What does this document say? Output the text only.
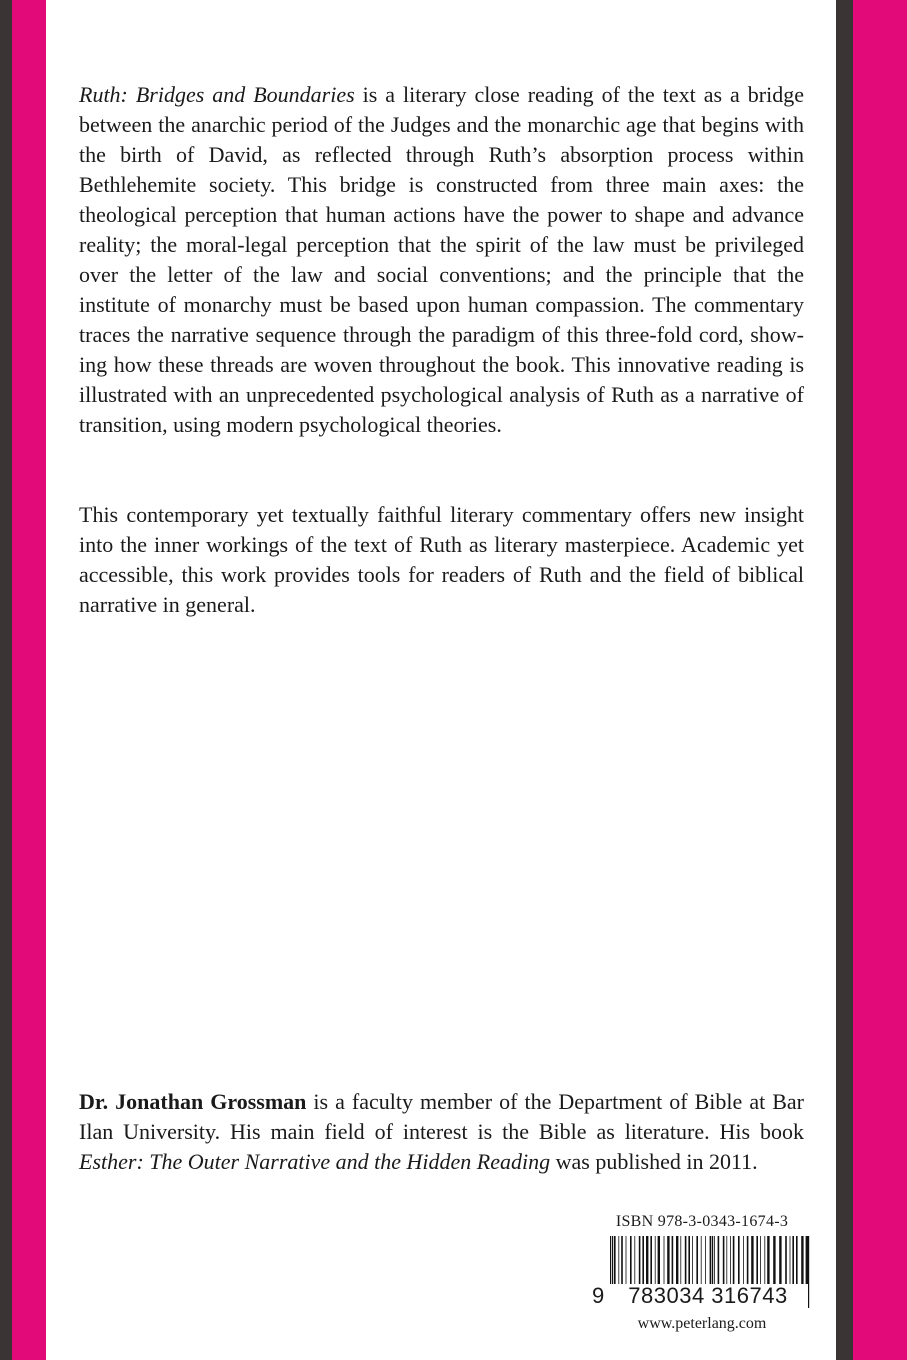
Ruth: Bridges and Boundaries is a literary close reading of the text as a bridge between the anarchic period of the Judges and the monarchic age that begins with the birth of David, as reflected through Ruth’s absorption process within Bethlehemite society. This bridge is constructed from three main axes: the theological perception that human actions have the power to shape and advance reality; the moral-legal perception that the spirit of the law must be privileged over the letter of the law and social conventions; and the principle that the institute of monarchy must be based upon human compassion. The commentary traces the narrative sequence through the paradigm of this three-fold cord, showing how these threads are woven throughout the book. This innovative reading is illustrated with an unprecedented psychological analysis of Ruth as a narrative of transition, using modern psychological theories.

This contemporary yet textually faithful literary commentary offers new insight into the inner workings of the text of Ruth as literary masterpiece. Academic yet accessible, this work provides tools for readers of Ruth and the field of biblical narrative in general.

Dr. Jonathan Grossman is a faculty member of the Department of Bible at Bar Ilan University. His main field of interest is the Bible as literature. His book Esther: The Outer Narrative and the Hidden Reading was published in 2011.

ISBN 978-3-0343-1674-3
9	783034 316743
www.peterlang.com
